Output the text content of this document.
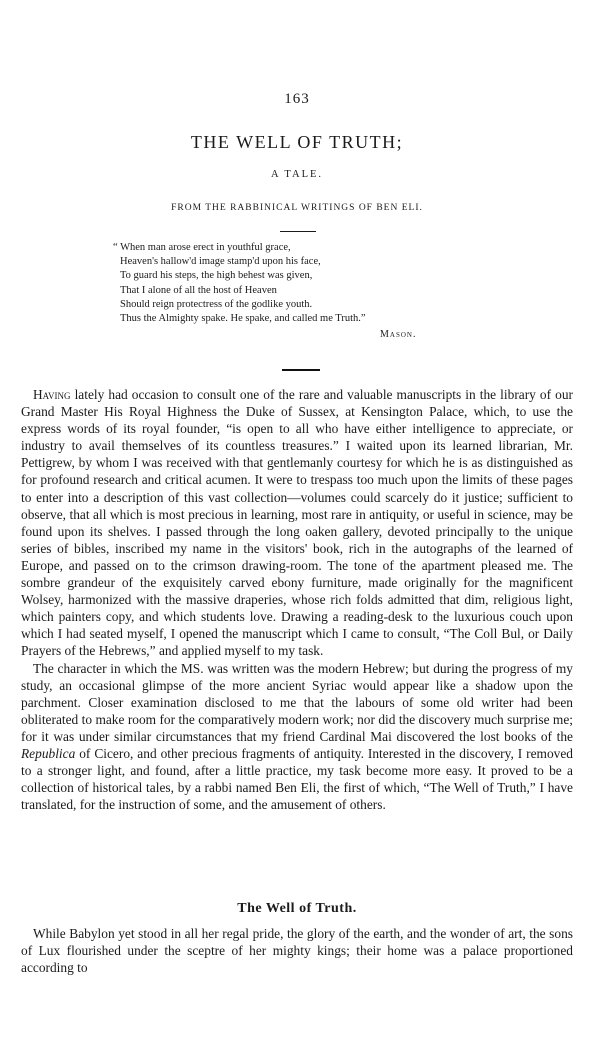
163
THE WELL OF TRUTH;
A TALE.
FROM THE RABBINICAL WRITINGS OF BEN ELI.
“ When man arose erect in youthful grace,
Heaven's hallow'd image stamp'd upon his face,
To guard his steps, the high behest was given,
That I alone of all the host of Heaven
Should reign protectress of the godlike youth.
Thus the Almighty spake. He spake, and called me Truth.”
Mason.

Having lately had occasion to consult one of the rare and valuable manuscripts in the library of our Grand Master His Royal Highness the Duke of Sussex, at Kensington Palace, which, to use the express words of its royal founder, “is open to all who have either intelligence to appreciate, or industry to avail themselves of its countless treasures.” I waited upon its learned librarian, Mr. Pettigrew, by whom I was received with that gentlemanly courtesy for which he is as distinguished as for profound research and critical acumen. It were to trespass too much upon the limits of these pages to enter into a description of this vast collection—volumes could scarcely do it justice; sufficient to observe, that all which is most precious in learning, most rare in antiquity, or useful in science, may be found upon its shelves. I passed through the long oaken gallery, devoted principally to the unique series of bibles, inscribed my name in the visitors' book, rich in the autographs of the learned of Europe, and passed on to the crimson drawing-room. The tone of the apartment pleased me. The sombre grandeur of the exquisitely carved ebony furniture, made originally for the magnificent Wolsey, harmonized with the massive draperies, whose rich folds admitted that dim, religious light, which painters copy, and which students love. Drawing a reading-desk to the luxurious couch upon which I had seated myself, I opened the manuscript which I came to consult, “The Coll Bul, or Daily Prayers of the Hebrews,” and applied myself to my task.

The character in which the MS. was written was the modern Hebrew; but during the progress of my study, an occasional glimpse of the more ancient Syriac would appear like a shadow upon the parchment. Closer examination disclosed to me that the labours of some old writer had been obliterated to make room for the comparatively modern work; nor did the discovery much surprise me; for it was under similar circumstances that my friend Cardinal Mai discovered the lost books of the Republica of Cicero, and other precious fragments of antiquity. Interested in the discovery, I removed to a stronger light, and found, after a little practice, my task become more easy. It proved to be a collection of historical tales, by a rabbi named Ben Eli, the first of which, “The Well of Truth,” I have translated, for the instruction of some, and the amusement of others.

The Well of Truth.

While Babylon yet stood in all her regal pride, the glory of the earth, and the wonder of art, the sons of Lux flourished under the sceptre of her mighty kings; their home was a palace proportioned according to
